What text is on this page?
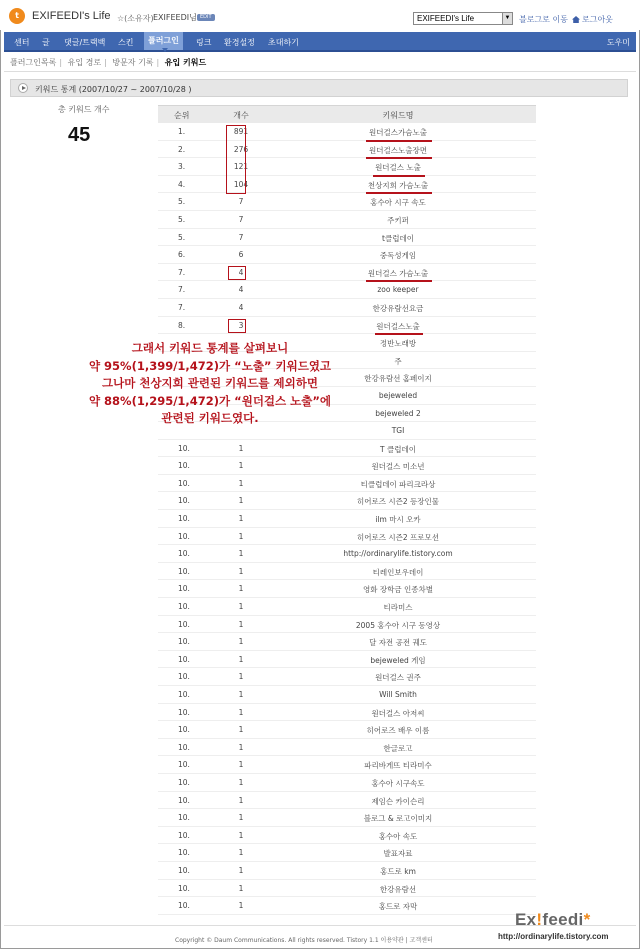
t	EXIFEEDI's Life ☆(소유자) EXIFEEDI님 EDIT	EXIFEEDI's Life	▼ 블로그로 이동	로그아웃
센터 글 댓글/트랙백 스킨	플러그인	링크 환경설정 초대하기	도우미
플러그인목록 | 유입 경로 | 방문자 기록 | 유입 키워드
키워드 통계 (2007/10/27 ~ 2007/10/28 )
총 키워드 개수
45
순위	개수	키워드명
1.	891	원더걸스가슴노출
2.	276	원더걸스노출장면
3.	121	원더걸스 노출
4.	104	천상지희 가슴노출
5.	7	홍수아 시구 속도
5.	7	주키퍼
5.	7	t클럽데이
6.	6	중독성게임
7.	4	원더걸스 가슴노출
7.	4	zoo keeper
7.	4	한강유람선요금
8.	3	원더걸스노출
정반노래방
주
한강유람선 홈페이지
bejeweled
bejeweled 2
TGI
10.	1	T 클럽데이
10.	1	원더걸스 미소년
10.	1	티클럽데이 파리크라상
10.	1	히어로즈 시즌2 등장인물
10.	1	ilm 마시 오카
10.	1	히어로즈 시즌2 프로모션
10.	1	http://ordinarylife.tistory.com
10.	1	티레인보우데이
10.	1	영화 장학금 인종차별
10.	1	티라미스
10.	1	2005 홍수아 시구 동영상
10.	1	달 자전 공전 궤도
10.	1	bejeweled 게임
10.	1	원더걸스 권주
10.	1	Will Smith
10.	1	원더걸스 아저씨
10.	1	히어로즈 배우 이름
10.	1	한글로고
10.	1	파리바게뜨 티라미수
10.	1	홍수아 시구속도
10.	1	제임슨 카이슨리
10.	1	블로그 & 로고이미지
10.	1	홍수아 속도
10.	1	발표자료
10.	1	홍드로 km
10.	1	한강유람선
10.	1	홍드로 자막
그래서 키워드 통계를 살펴보니
약 95%(1,399/1,472)가 “노출” 키워드였고
그나마 천상지희 관련된 키워드를 제외하면
약 88%(1,295/1,472)가 “원더걸스 노출”에
관련된 키워드였다.
Copyright © Daum Communications. All rights reserved. Tistory 1.1 이용약관 | 고객센터
Ex!feedi*
http://ordinarylife.tistory.com
